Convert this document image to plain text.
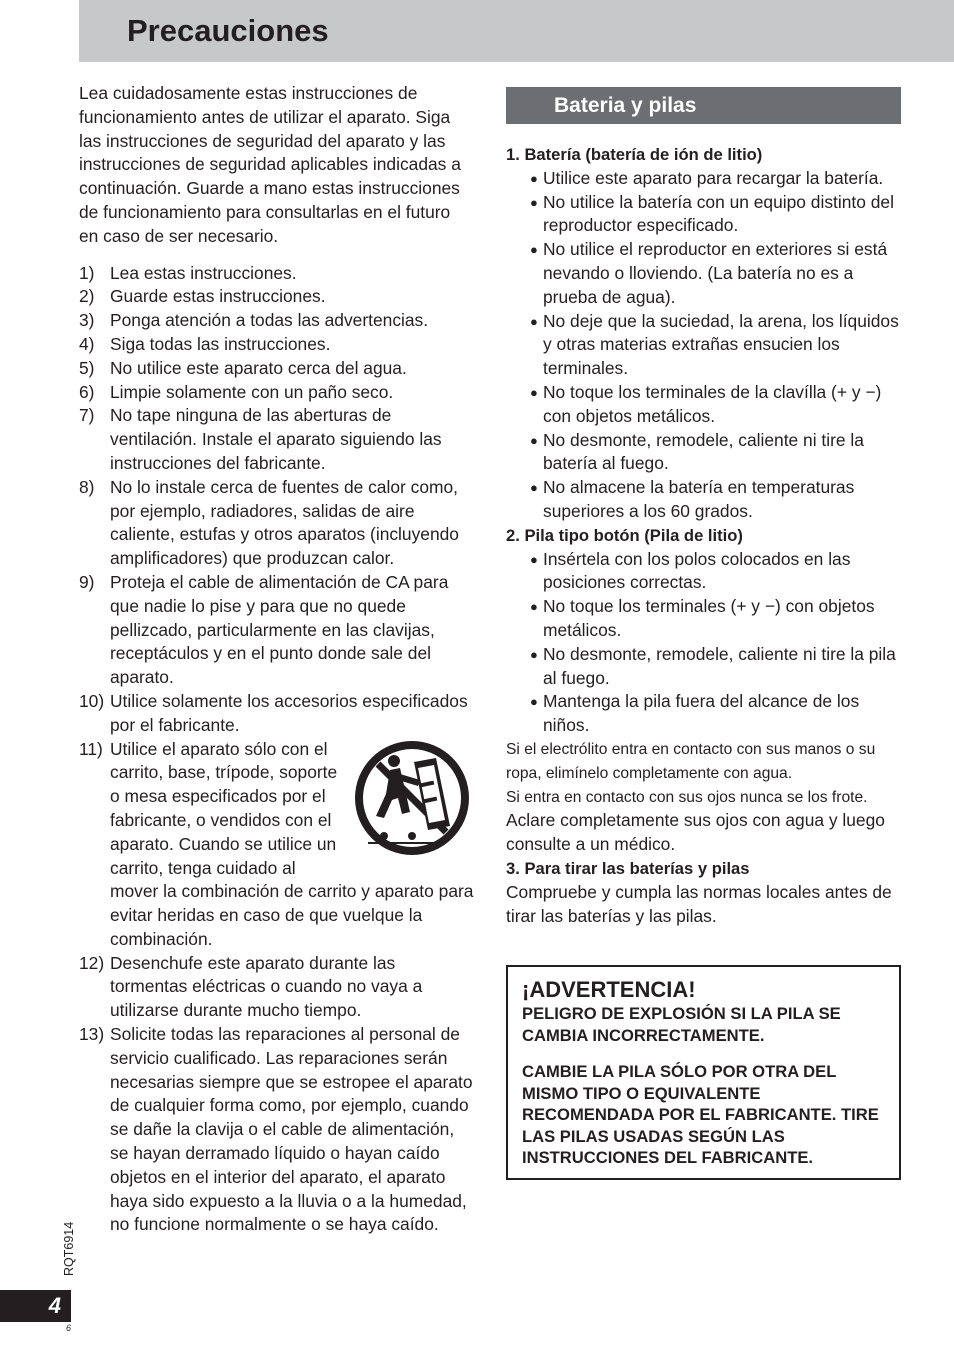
Precauciones

Lea cuidadosamente estas instrucciones de funcionamiento antes de utilizar el aparato. Siga las instrucciones de seguridad del aparato y las instrucciones de seguridad aplicables indicadas a continuación. Guarde a mano estas instrucciones de funcionamiento para consultarlas en el futuro en caso de ser necesario.

1) Lea estas instrucciones.
2) Guarde estas instrucciones.
3) Ponga atención a todas las advertencias.
4) Siga todas las instrucciones.
5) No utilice este aparato cerca del agua.
6) Limpie solamente con un paño seco.
7) No tape ninguna de las aberturas de ventilación. Instale el aparato siguiendo las instrucciones del fabricante.
8) No lo instale cerca de fuentes de calor como, por ejemplo, radiadores, salidas de aire caliente, estufas y otros aparatos (incluyendo amplificadores) que produzcan calor.
9) Proteja el cable de alimentación de CA para que nadie lo pise y para que no quede pellizcado, particularmente en las clavijas, receptáculos y en el punto donde sale del aparato.
10) Utilice solamente los accesorios especificados por el fabricante.
11) Utilice el aparato sólo con el carrito, base, trípode, soporte o mesa especificados por el fabricante, o vendidos con el aparato. Cuando se utilice un carrito, tenga cuidado al mover la combinación de carrito y aparato para evitar heridas en caso de que vuelque la combinación.
12) Desenchufe este aparato durante las tormentas eléctricas o cuando no vaya a utilizarse durante mucho tiempo.
13) Solicite todas las reparaciones al personal de servicio cualificado. Las reparaciones serán necesarias siempre que se estropee el aparato de cualquier forma como, por ejemplo, cuando se dañe la clavija o el cable de alimentación, se hayan derramado líquido o hayan caído objetos en el interior del aparato, el aparato haya sido expuesto a la lluvia o a la humedad, no funcione normalmente o se haya caído.
Bateria y pilas
1. Batería (batería de ión de litio)
● Utilice este aparato para recargar la batería.
● No utilice la batería con un equipo distinto del reproductor especificado.
● No utilice el reproductor en exteriores si está nevando o lloviendo. (La batería no es a prueba de agua).
● No deje que la suciedad, la arena, los líquidos y otras materias extrañas ensucien los terminales.
● No toque los terminales de la clavílla (+ y −) con objetos metálicos.
● No desmonte, remodele, caliente ni tire la batería al fuego.
● No almacene la batería en temperaturas superiores a los 60 grados.
2. Pila tipo botón (Pila de litio)
● Insértela con los polos colocados en las posiciones correctas.
● No toque los terminales (+ y −) con objetos metálicos.
● No desmonte, remodele, caliente ni tire la pila al fuego.
● Mantenga la pila fuera del alcance de los niños.
Si el electrólito entra en contacto con sus manos o su ropa, elimínelo completamente con agua.
Si entra en contacto con sus ojos nunca se los frote.
Aclare completamente sus ojos con agua y luego consulte a un médico.
3. Para tirar las baterías y pilas
Compruebe y cumpla las normas locales antes de tirar las baterías y las pilas.
¡ADVERTENCIA!

PELIGRO DE EXPLOSIÓN SI LA PILA SE CAMBIA INCORRECTAMENTE.

CAMBIE LA PILA SÓLO POR OTRA DEL MISMO TIPO O EQUIVALENTE RECOMENDADA POR EL FABRICANTE. TIRE LAS PILAS USADAS SEGÚN LAS INSTRUCCIONES DEL FABRICANTE.

RQT6914
4
6
